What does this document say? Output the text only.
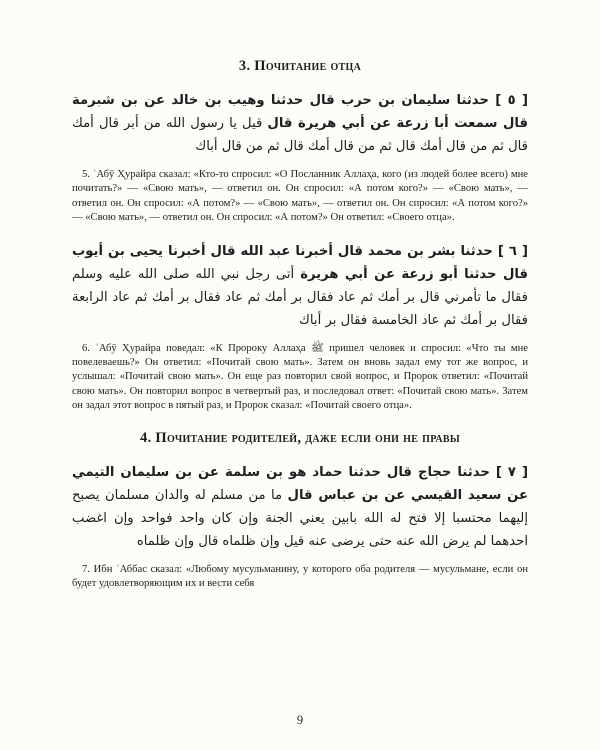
3. Почитание отца

[ ٥ ] حدثنا سليمان بن حرب قال حدثنا وهيب بن خالد عن بن شبرمة قال سمعت أبا زرعة عن أبي هريرة قال قيل يا رسول الله من أبر قال أمك قال ثم من قال أمك قال ثم من قال أمك قال ثم من قال أباك

5. ʿАбӯ Ҳурайра сказал: «Кто-то спросил: «О Посланник Аллаҳа, кого (из людей более всего) мне почитать?» — «Свою мать», — ответил он. Он спросил: «А потом кого?» — «Свою мать», — ответил он. Он спросил: «А потом?» — «Свою мать», — ответил он. Он спросил: «А потом кого?» — «Свою мать», — ответил он. Он спросил: «А потом?» Он ответил: «Своего отца».

[ ٦ ] حدثنا بشر بن محمد قال أخبرنا عبد الله قال أخبرنا يحيى بن أيوب قال حدثنا أبو زرعة عن أبي هريرة أتى رجل نبي الله صلى الله عليه وسلم فقال ما تأمرني قال بر أمك ثم عاد فقال بر أمك ثم عاد فقال بر أمك ثم عاد الرابعة فقال بر أمك ثم عاد الخامسة فقال بر أباك

6. ʿАбӯ Ҳурайра поведал: «К Пророку Аллаҳа ﷺ пришел человек и спросил: «Что ты мне повелеваешь?» Он ответил: «Почитай свою мать». Затем он вновь задал ему тот же вопрос, и услышал: «Почитай свою мать». Он еще раз повторил свой вопрос, и Пророк ответил: «Почитай свою мать». Он повторил вопрос в четвертый раз, и последовал ответ: «Почитай свою мать». Затем он задал этот вопрос в пятый раз, и Пророк сказал: «Почитай своего отца».

4. Почитание родителей, даже если они не правы

[ ٧ ] حدثنا حجاج قال حدثنا حماد هو بن سلمة عن بن سليمان التيمي عن سعيد القيسي عن بن عباس قال ما من مسلم له والدان مسلمان يصبح إليهما محتسبا إلا فتح له الله بابين يعني الجنة وإن كان واحد فواحد وإن اغضب احدهما لم يرض الله عنه حتى يرضى عنه قيل وإن ظلماه قال وإن ظلماه

7. Ибн ʿАббас сказал: «Любому мусульманину, у которого оба родителя — мусульмане, если он будет удовлетворяющим их и вести себя

9
